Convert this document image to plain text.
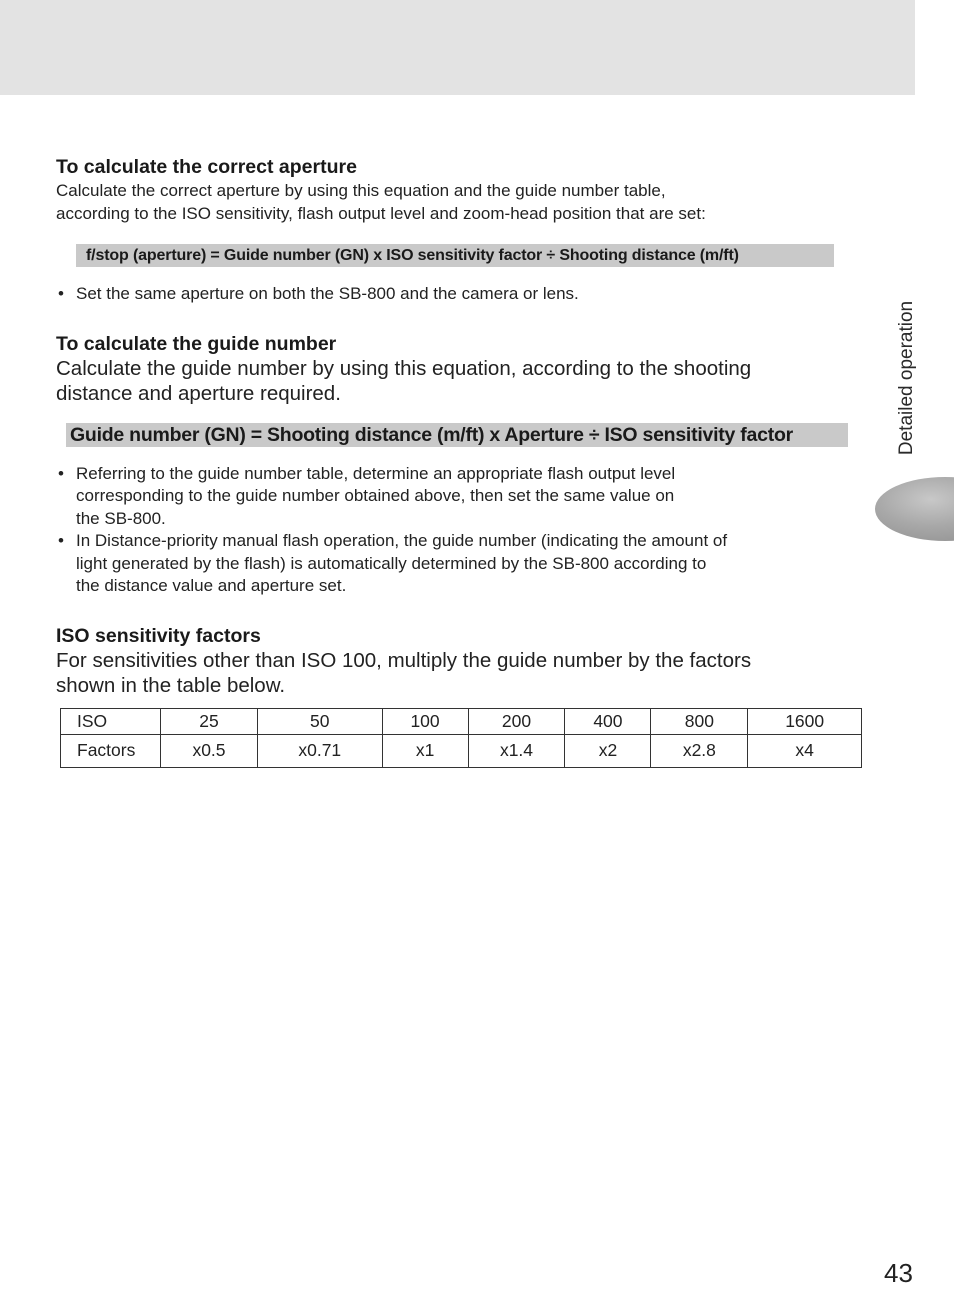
To calculate the correct aperture

Calculate the correct aperture by using this equation and the guide number table,
according to the ISO sensitivity, flash output level and zoom-head position that are set:

f/stop (aperture) = Guide number (GN) x ISO sensitivity factor ÷ Shooting distance (m/ft)
• Set the same aperture on both the SB-800 and the camera or lens.
To calculate the guide number

Calculate the guide number by using this equation, according to the shooting
distance and aperture required.

Guide number (GN) = Shooting distance (m/ft) x Aperture ÷ ISO sensitivity factor
• Referring to the guide number table, determine an appropriate flash output level
corresponding to the guide number obtained above, then set the same value on
the SB-800.
• In Distance-priority manual flash operation, the guide number (indicating the amount of
light generated by the flash) is automatically determined by the SB-800 according to
the distance value and aperture set.
ISO sensitivity factors

For sensitivities other than ISO 100, multiply the guide number by the factors
shown in the table below.

ISO	25	50	100	200	400	800	1600
Factors	x0.5	x0.71	x1	x1.4	x2	x2.8	x4
Detailed operation
43
